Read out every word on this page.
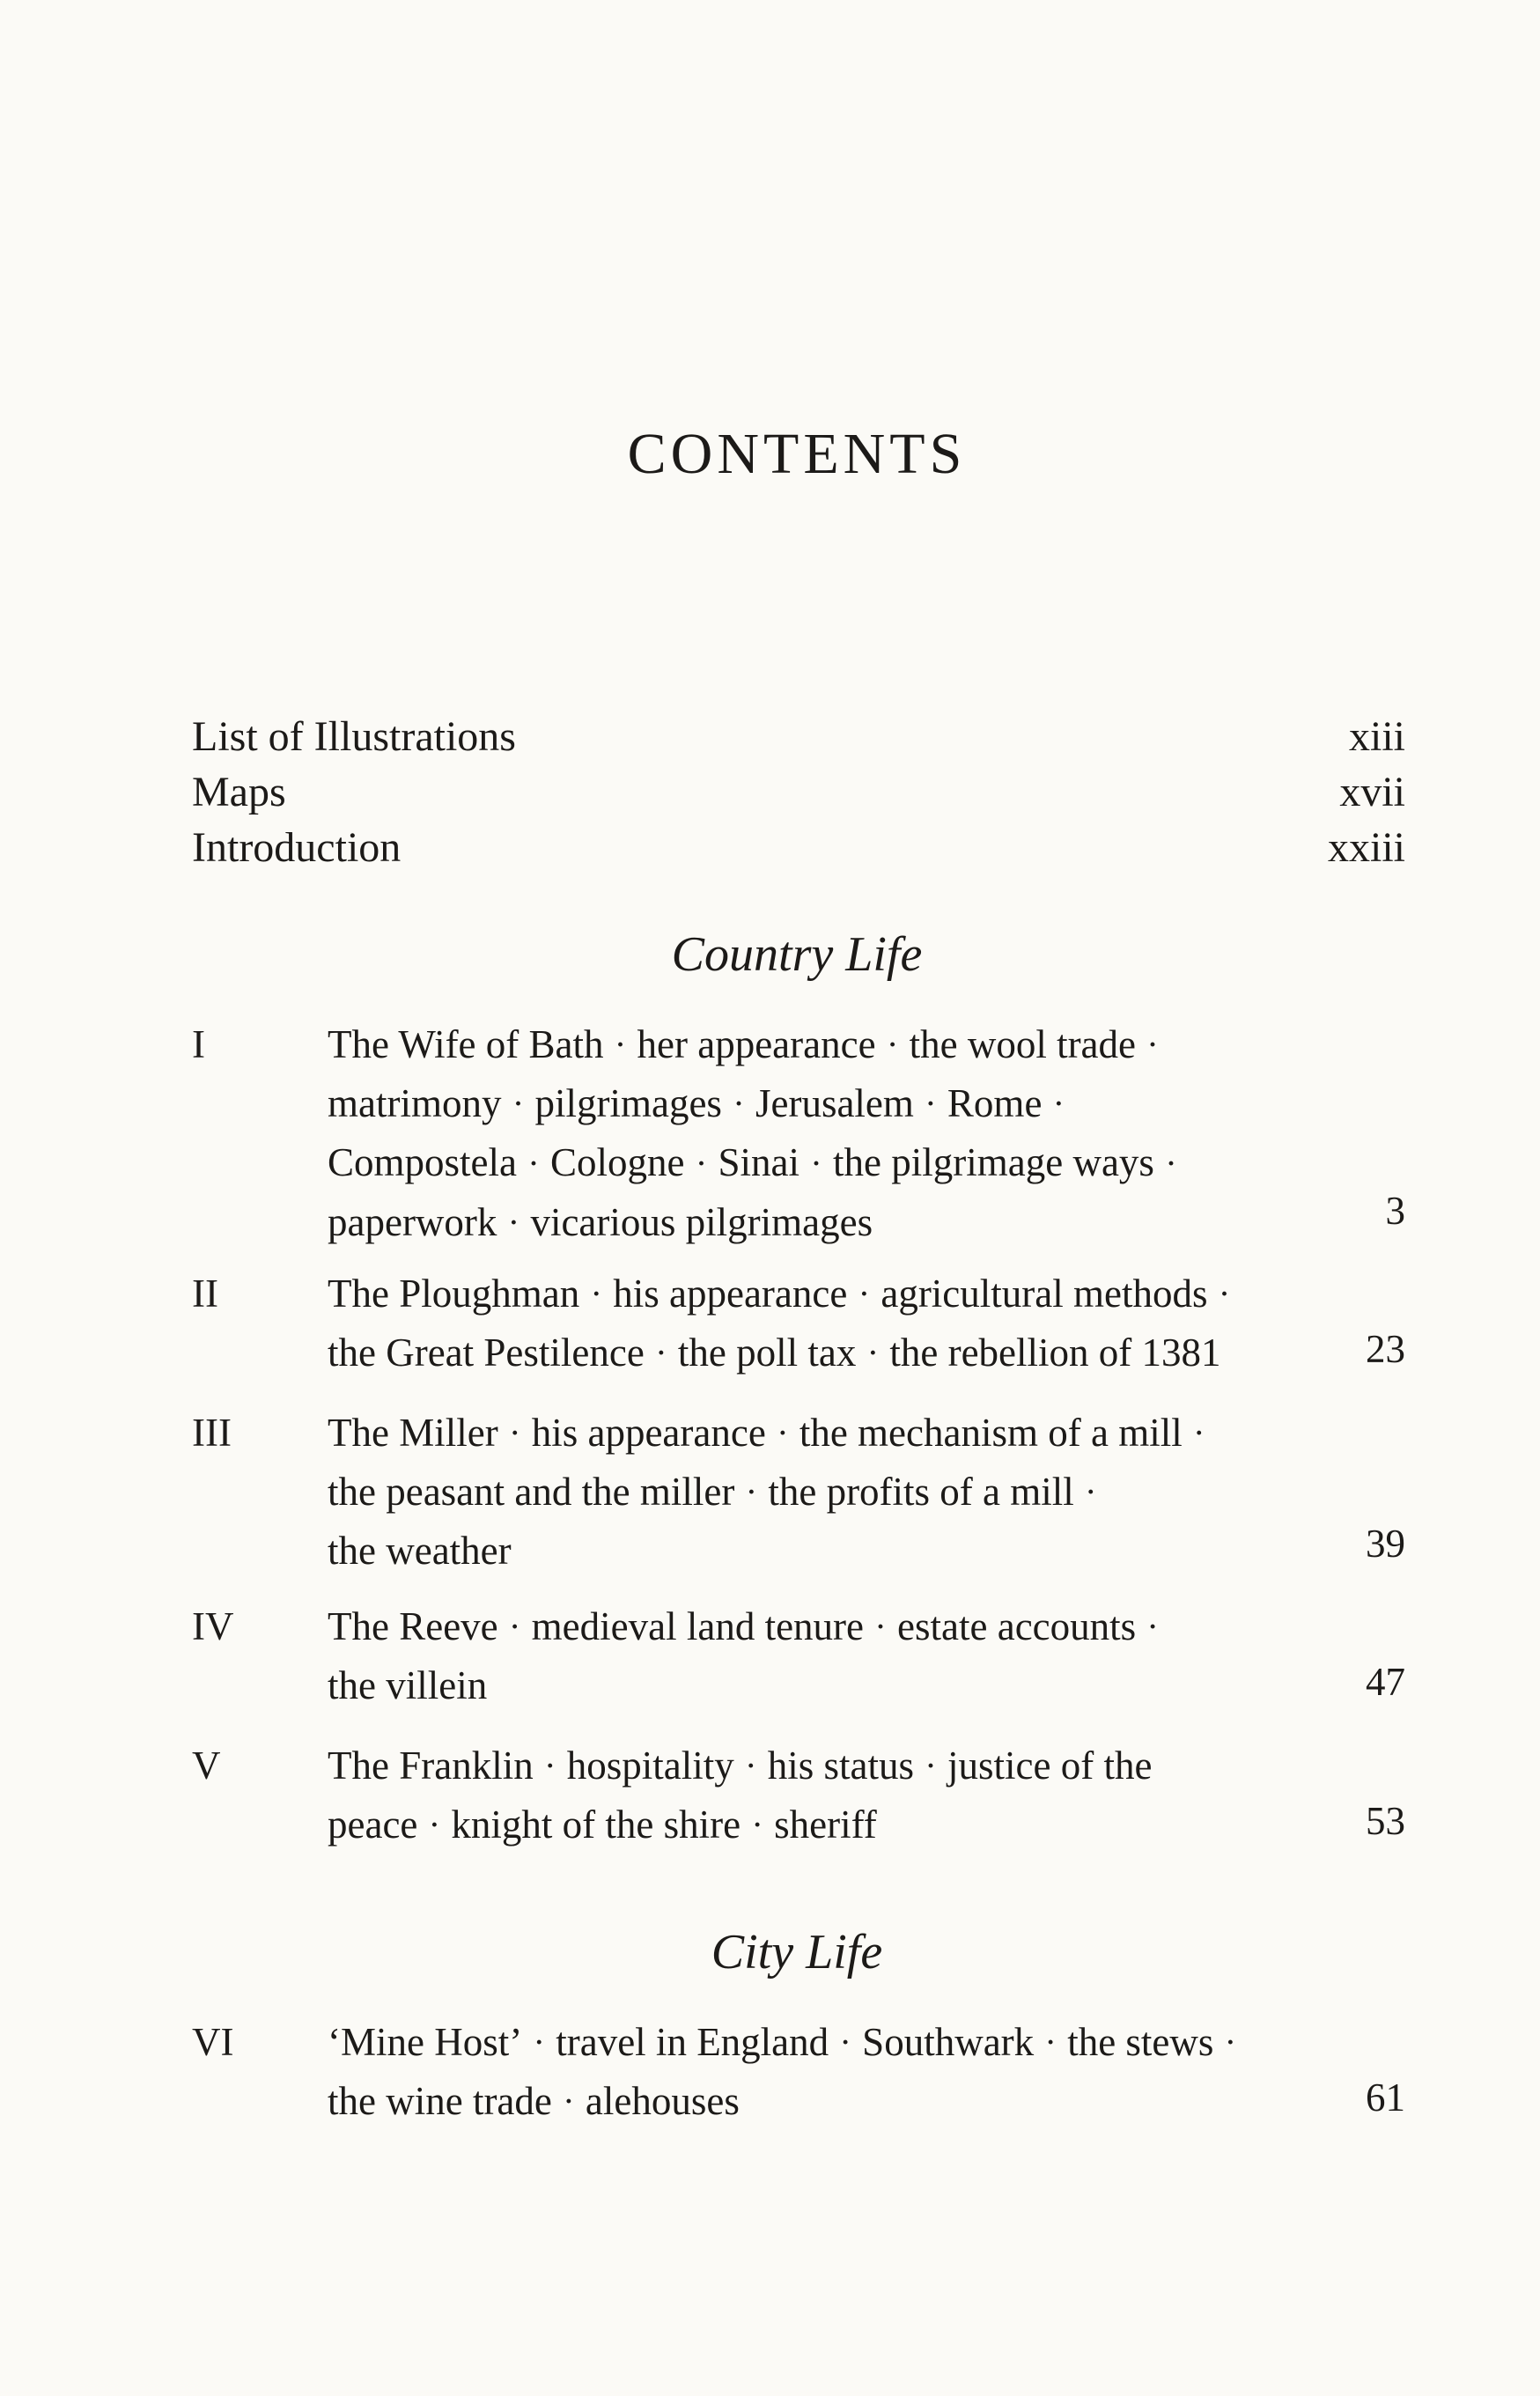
CONTENTS
List of Illustrations	xiii
Maps	xvii
Introduction	xxiii
Country Life
I	The Wife of Bath · her appearance · the wool trade ·
matrimony · pilgrimages · Jerusalem · Rome ·
Compostela · Cologne · Sinai · the pilgrimage ways ·
paperwork · vicarious pilgrimages	3
II	The Ploughman · his appearance · agricultural methods ·
the Great Pestilence · the poll tax · the rebellion of 1381	23
III The Miller · his appearance · the mechanism of a mill ·
the peasant and the miller · the profits of a mill ·
the weather	39
IV The Reeve · medieval land tenure · estate accounts ·
the villein	47
V	The Franklin · hospitality · his status · justice of the
peace · knight of the shire · sheriff	53
City Life
VI ‘Mine Host’ · travel in England · Southwark · the stews ·
the wine trade · alehouses	61
